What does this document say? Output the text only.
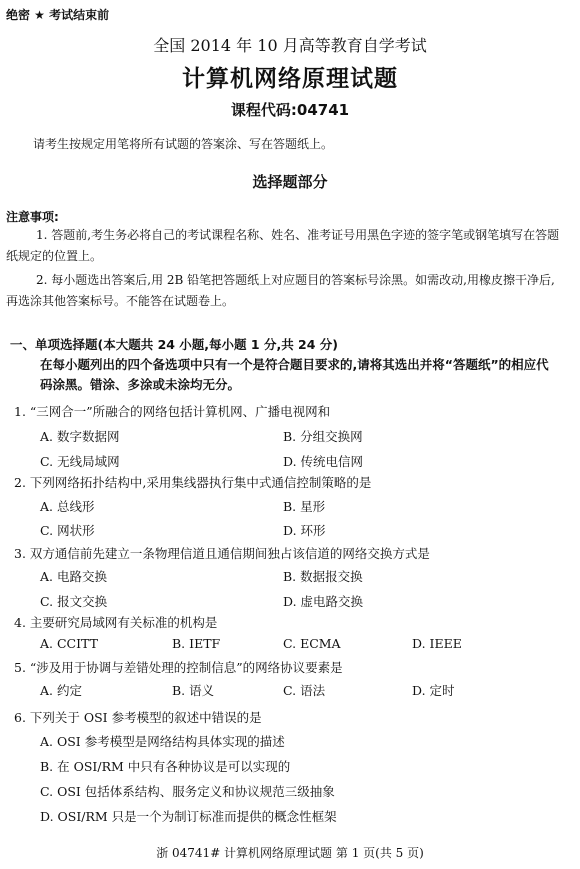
绝密 ★ 考试结束前
全国 2014 年 10 月高等教育自学考试
计算机网络原理试题
课程代码:04741
请考生按规定用笔将所有试题的答案涂、写在答题纸上。
选择题部分
注意事项:
1. 答题前,考生务必将自己的考试课程名称、姓名、准考证号用黑色字迹的签字笔或钢笔填写在答题纸规定的位置上。
2. 每小题选出答案后,用 2B 铅笔把答题纸上对应题目的答案标号涂黑。如需改动,用橡皮擦干净后,再选涂其他答案标号。不能答在试题卷上。
一、单项选择题(本大题共 24 小题,每小题 1 分,共 24 分)
在每小题列出的四个备选项中只有一个是符合题目要求的,请将其选出并将“答题纸”的相应代码涂黑。错涂、多涂或未涂均无分。
1. “三网合一”所融合的网络包括计算机网、广播电视网和
A. 数字数据网	B. 分组交换网
C. 无线局域网	D. 传统电信网
2. 下列网络拓扑结构中,采用集线器执行集中式通信控制策略的是
A. 总线形	B. 星形
C. 网状形	D. 环形
3. 双方通信前先建立一条物理信道且通信期间独占该信道的网络交换方式是
A. 电路交换	B. 数据报交换
C. 报文交换	D. 虚电路交换
4. 主要研究局域网有关标准的机构是
A. CCITT	B. IETF	C. ECMA	D. IEEE
5. “涉及用于协调与差错处理的控制信息”的网络协议要素是
A. 约定	B. 语义	C. 语法	D. 定时
6. 下列关于 OSI 参考模型的叙述中错误的是
A. OSI 参考模型是网络结构具体实现的描述
B. 在 OSI/RM 中只有各种协议是可以实现的
C. OSI 包括体系结构、服务定义和协议规范三级抽象
D. OSI/RM 只是一个为制订标准而提供的概念性框架
浙 04741# 计算机网络原理试题 第 1 页(共 5 页)
